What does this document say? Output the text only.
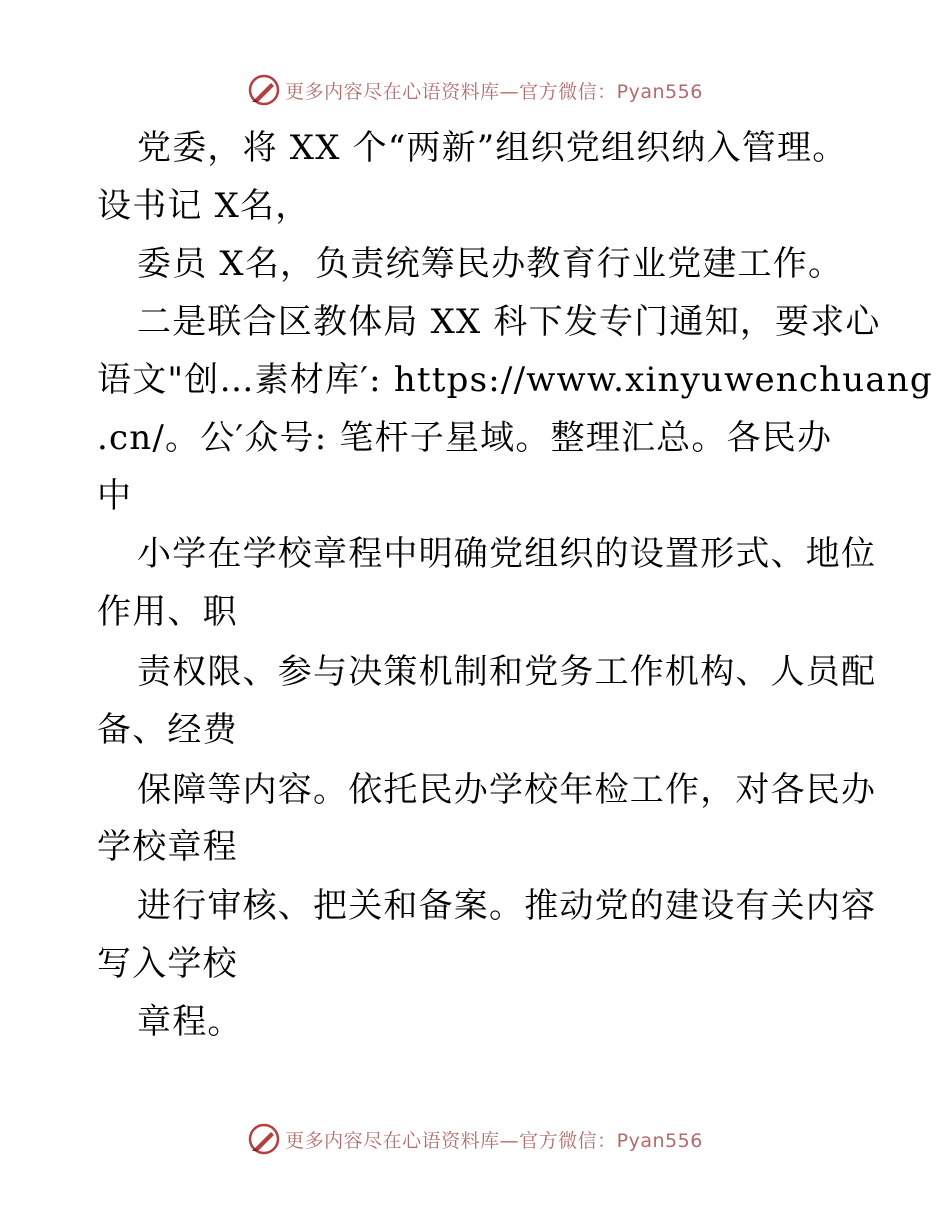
更多内容尽在心语资料库—官方微信：Pyan556
党委，将 XX 个“两新”组织党组织纳入管理。
设书记 X名，
委员 X名，负责统筹民办教育行业党建工作。
二是联合区教体局 XX 科下发专门通知，要求心
语文"创…素材库′: https://www.xinyuwenchuang
.cn/。公′众号: 笔杆子星域。整理汇总。各民办
中
小学在学校章程中明确党组织的设置形式、地位
作用、职
责权限、参与决策机制和党务工作机构、人员配
备、经费
保障等内容。依托民办学校年检工作，对各民办
学校章程
进行审核、把关和备案。推动党的建设有关内容
写入学校
章程。
更多内容尽在心语资料库—官方微信：Pyan556
